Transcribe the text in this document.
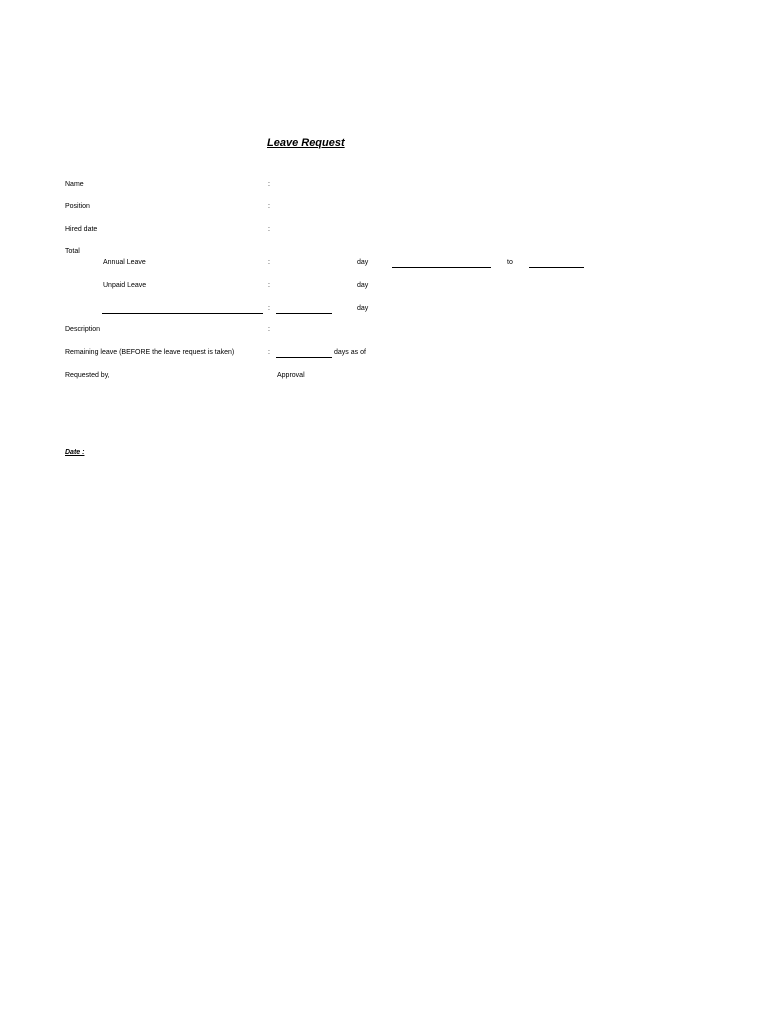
Leave Request
Name	:
Position	:
Hired date	:
Total
Annual Leave	:	day	to
Unpaid Leave	:	day
:	day
Description	:
Remaining leave (BEFORE the leave request is taken)	:	days as of
Requested by,	Approval
Date :
